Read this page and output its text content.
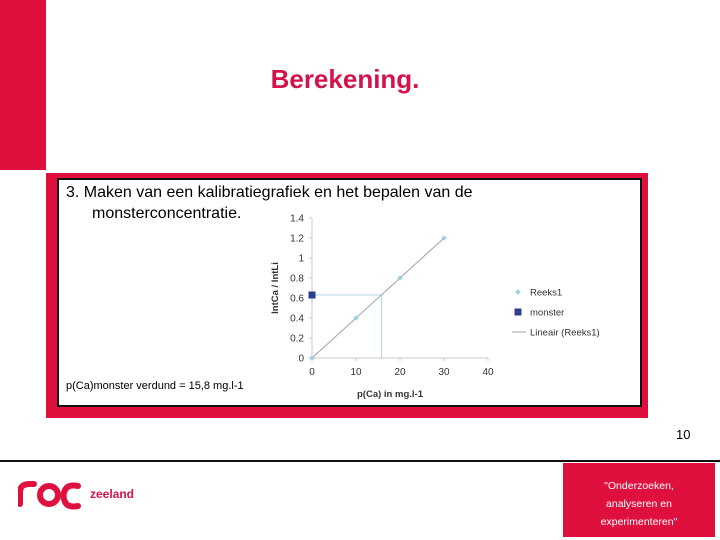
Berekening.
3. Maken van een kalibratiegrafiek en het bepalen van de
monsterconcentratie.
0
0.2
0.4
0.6
0.8
1
1.2
1.4
0	10	20	30	40
IntCa / IntLi
p(Ca) in mg.l-1
Reeks1
monster
Lineair (Reeks1)
p(Ca)monster verdund = 15,8 mg.l-1
10
zeeland
"Onderzoeken,
analyseren en
experimenteren"
